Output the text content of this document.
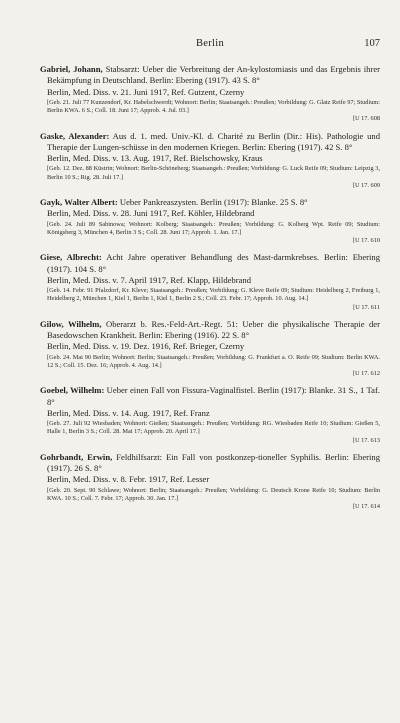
Berlin	107

Gabriel, Johann, Stabsarzt: Ueber die Verbreitung der An-kylostomiasis und das Ergebnis ihrer Bekämpfung in Deutschland. Berlin: Ebering (1917). 43 S. 8°

Berlin, Med. Diss. v. 21. Juni 1917, Ref. Gutzent, Czerny

[Geb. 21. Juli 77 Kunzendorf, Kr. Habelschwerdt; Wohnort: Berlin; Staatsangeh.: Preußen; Vorbildung: G. Glatz Reife 97; Studium: Berlin KWA. 6 S.; Coll. 18. Juni 17; Approb. 4. Jul. 03.]

[U 17. 608

Gaske, Alexander: Aus d. 1. med. Univ.-Kl. d. Charité zu Berlin (Dir.: His). Pathologie und Therapie der Lungen-schüsse in den modernen Kriegen. Berlin: Ebering (1917). 42 S. 8°

Berlin, Med. Diss. v. 13. Aug. 1917, Ref. Bielschowsky, Kraus

[Geb. 12. Dez. 88 Küstrin; Wohnort: Berlin-Schöneberg; Staatsangeh.: Preußen; Vorbildung: G. Luck Reife 09; Studium: Leipzig 3, Berlin 10 S.; Rig. 28. Juli 17.]

[U 17. 609

Gayk, Walter Albert: Ueber Pankreaszysten. Berlin (1917): Blanke. 25 S. 8°

Berlin, Med. Diss. v. 28. Juni 1917, Ref. Köhler, Hildebrand

[Geb. 24. Juli 89 Sabinowa; Wohnort: Kolberg; Staatsangeh.: Preußen; Vorbildung: G. Kolberg Wpt. Reife 09; Studium: Königsberg 3, München 4, Berlin 3 S.; Coll. 28. Juni 17; Approb. 1. Jan. 17.]

[U 17. 610

Giese, Albrecht: Acht Jahre operativer Behandlung des Mast-darmkrebses. Berlin: Ebering (1917). 104 S. 8°

Berlin, Med. Diss. v. 7. April 1917, Ref. Klapp, Hildebrand

[Geb. 14. Febr. 91 Pfalzdorf, Kr. Kleve; Staatsangeh.: Preußen; Vorbildung: G. Kleve Reife 09; Studium: Heidelberg 2, Freiburg 1, Heidelberg 2, München 1, Kiel 1, Berlin 1, Kiel 1, Berlin 2 S.; Coll. 23. Febr. 17; Approb. 10. Aug. 14.]

[U 17. 611

Gilow, Wilhelm, Oberarzt b. Res.-Feld-Art.-Regt. 51: Ueber die physikalische Therapie der Basedowschen Krankheit. Berlin: Ebering (1916). 22 S. 8°

Berlin, Med. Diss. v. 19. Dez. 1916, Ref. Brieger, Czerny

[Geb. 24. Mai 90 Berlin; Wohnort: Berlin; Staatsangeh.: Preußen; Vorbildung: G. Frankfurt a. O. Reife 09; Studium: Berlin KWA. 12 S.; Coll. 15. Dez. 16; Approb. 4. Aug. 14.]

[U 17. 612

Goebel, Wilhelm: Ueber einen Fall von Fissura-Vaginalfistel. Berlin (1917): Blanke. 31 S., 1 Taf. 8°

Berlin, Med. Diss. v. 14. Aug. 1917, Ref. Franz

[Geb. 27. Juli 92 Wiesbaden; Wohnort: Gießen; Staatsangeh.: Preußen; Vorbildung: RG. Wiesbaden Reife 10; Studium: Gießen 5, Halle 1, Berlin 3 S.; Coll. 28. Mai 17; Approb. 20. April 17.]

[U 17. 613

Gohrbandt, Erwin, Feldhilfsarzt: Ein Fall von postkonzep-tioneller Syphilis. Berlin: Ebering (1917). 26 S. 8°

Berlin, Med. Diss. v. 8. Febr. 1917, Ref. Lesser

[Geb. 20. Sept. 90 Schlawe; Wohnort: Berlin; Staatsangeh.: Preußen; Vorbildung: G. Deutsch Krone Reife 10; Studium: Berlin KWA. 10 S.; Coll. 7. Febr. 17; Approb. 30. Jan. 17.]

[U 17. 614
